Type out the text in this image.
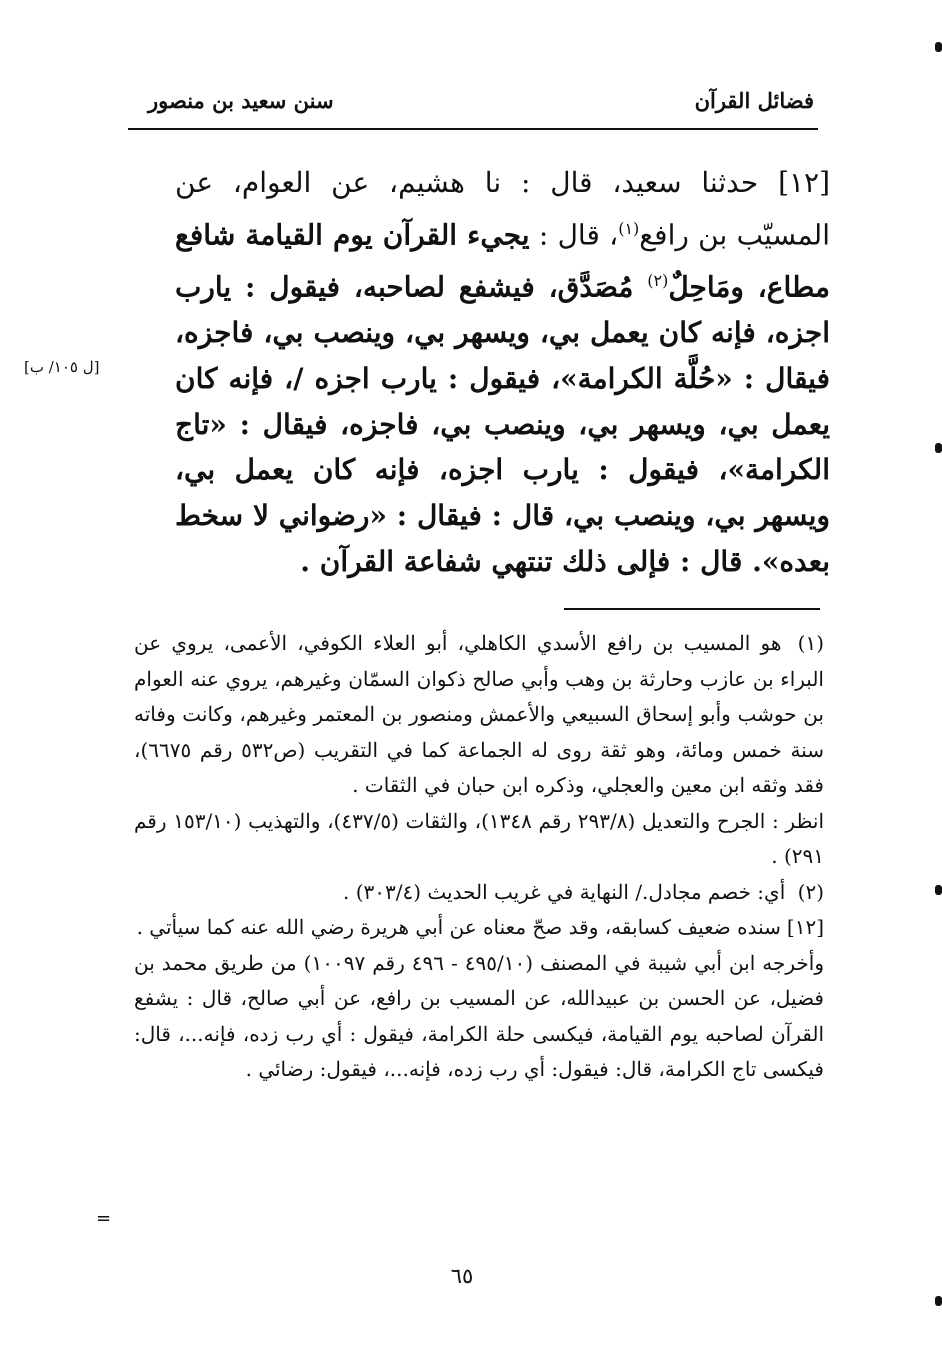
فضائل القرآن
سنن سعيد بن منصور
[١٢] حدثنا سعيد، قال : نا هشيم، عن العوام، عن المسيّب بن رافع$^{(١)}$، قال : يجيء القرآن يوم القيامة شافع مطاع، ومَاحِلٌ$^{(٢)}$ مُصَدَّق، فيشفع لصاحبه، فيقول : يارب اجزه، فإنه كان يعمل بي، ويسهر بي، وينصب بي، فاجزه، فيقال : «حُلَّة الكرامة»، فيقول : يارب اجزه /، فإنه كان يعمل بي، ويسهر بي، وينصب بي، فاجزه، فيقال : «تاج الكرامة»، فيقول : يارب اجزه، فإنه كان يعمل بي، ويسهر بي، وينصب بي، قال : فيقال : «رضواني لا سخط بعده». قال : فإلى ذلك تنتهي شفاعة القرآن .
[ل ١٠٥/ ب]

(١) هو المسيب بن رافع الأسدي الكاهلي، أبو العلاء الكوفي، الأعمى، يروي عن البراء بن عازب وحارثة بن وهب وأبي صالح ذكوان السمّان وغيرهم، يروي عنه العوام بن حوشب وأبو إسحاق السبيعي والأعمش ومنصور بن المعتمر وغيرهم، وكانت وفاته سنة خمس ومائة، وهو ثقة روى له الجماعة كما في التقريب (ص٥٣٢ رقم ٦٦٧٥)، فقد وثقه ابن معين والعجلي، وذكره ابن حبان في الثقات .

انظر : الجرح والتعديل (٢٩٣/٨ رقم ١٣٤٨)، والثقات (٤٣٧/٥)، والتهذيب (١٥٣/١٠ رقم ٢٩١) .

(٢) أي: خصم مجادل./ النهاية في غريب الحديث (٣٠٣/٤) .

[١٢]سنده ضعيف كسابقه، وقد صحّ معناه عن أبي هريرة رضي الله عنه كما سيأتي .

وأخرجه ابن أبي شيبة في المصنف (٤٩٥/١٠ - ٤٩٦ رقم ١٠٠٩٧) من طريق محمد بن فضيل، عن الحسن بن عبيدالله، عن المسيب بن رافع، عن أبي صالح، قال : يشفع القرآن لصاحبه يوم القيامة، فيكسى حلة الكرامة، فيقول : أي رب زده، فإنه...، قال: فيكسى تاج الكرامة، قال: فيقول: أي رب زده، فإنه...، فيقول: رضائي .

=
٦٥
